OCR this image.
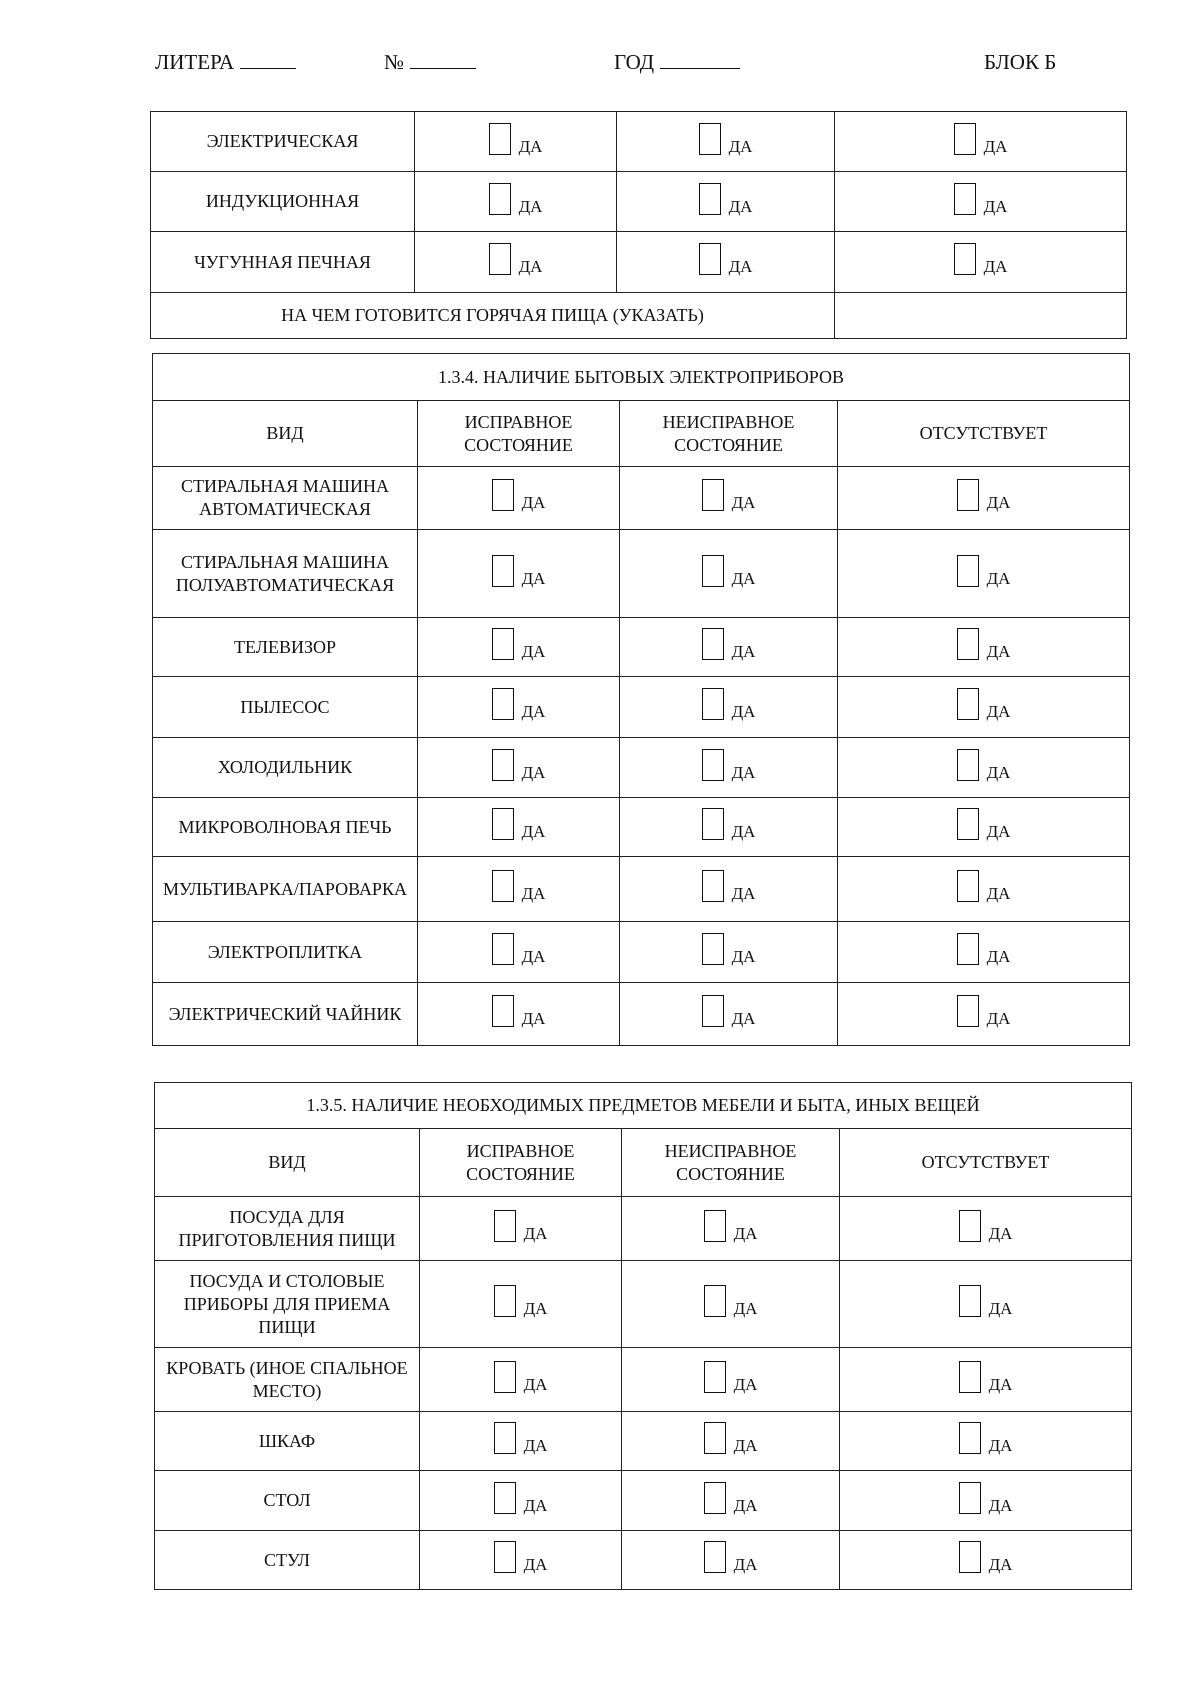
ЛИТЕРА	№	ГОД	БЛОК Б
ЭЛЕКТРИЧЕСКАЯ	ДА	ДА	ДА

ИНДУКЦИОННАЯ	ДА	ДА	ДА

ЧУГУННАЯ ПЕЧНАЯ	ДА	ДА	ДА

НА ЧЕМ ГОТОВИТСЯ ГОРЯЧАЯ ПИЩА (УКАЗАТЬ)			
1.3.4. НАЛИЧИЕ БЫТОВЫХ ЭЛЕКТРОПРИБОРОВ			
ВИД	ИСПРАВНОЕ СОСТОЯНИЕ	НЕИСПРАВНОЕ СОСТОЯНИЕ	ОТСУТСТВУЕТ
СТИРАЛЬНАЯ МАШИНА АВТОМАТИЧЕСКАЯ	ДА	ДА	ДА

СТИРАЛЬНАЯ МАШИНА ПОЛУАВТОМАТИЧЕСКАЯ	ДА	ДА	ДА

ТЕЛЕВИЗОР	ДА	ДА	ДА

ПЫЛЕСОС	ДА	ДА	ДА

ХОЛОДИЛЬНИК	ДА	ДА	ДА

МИКРОВОЛНОВАЯ ПЕЧЬ	ДА	ДА	ДА

МУЛЬТИВАРКА/ПАРОВАРКА	ДА	ДА	ДА

ЭЛЕКТРОПЛИТКА	ДА	ДА	ДА

ЭЛЕКТРИЧЕСКИЙ ЧАЙНИК	ДА	ДА	ДА
1.3.5. НАЛИЧИЕ НЕОБХОДИМЫХ ПРЕДМЕТОВ МЕБЕЛИ И БЫТА, ИНЫХ ВЕЩЕЙ			
ВИД	ИСПРАВНОЕ СОСТОЯНИЕ	НЕИСПРАВНОЕ СОСТОЯНИЕ	ОТСУТСТВУЕТ
ПОСУДА ДЛЯ ПРИГОТОВЛЕНИЯ ПИЩИ	ДА	ДА	ДА

ПОСУДА И СТОЛОВЫЕ ПРИБОРЫ ДЛЯ ПРИЕМА ПИЩИ	ДА	ДА	ДА

КРОВАТЬ (ИНОЕ СПАЛЬНОЕ МЕСТО)	ДА	ДА	ДА

ШКАФ	ДА	ДА	ДА

СТОЛ	ДА	ДА	ДА

СТУЛ	ДА	ДА	ДА
